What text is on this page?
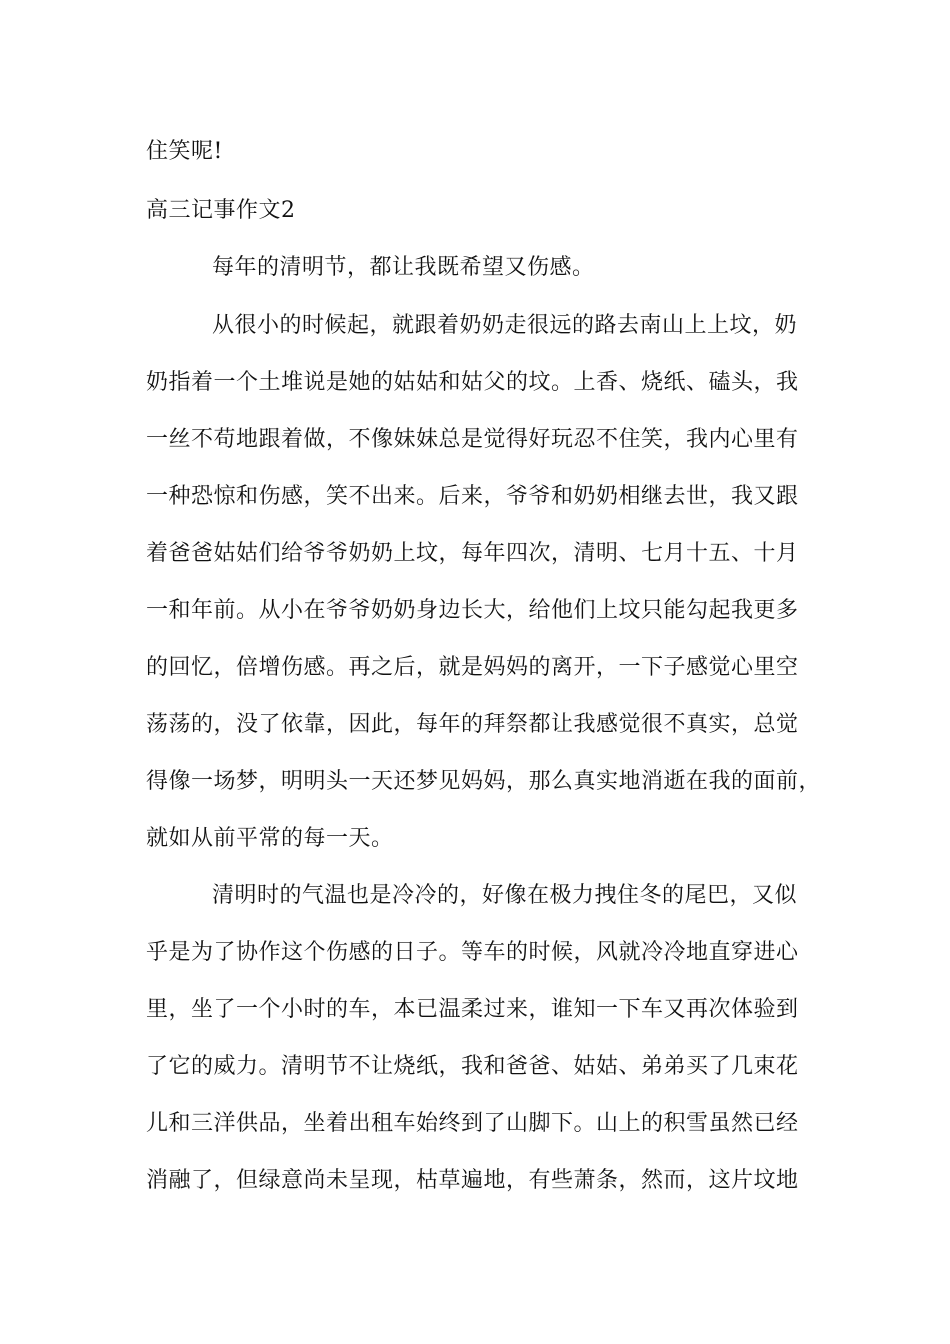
住笑呢!
高三记事作文2
每年的清明节，都让我既希望又伤感。
从很小的时候起，就跟着奶奶走很远的路去南山上上坟，奶
奶指着一个土堆说是她的姑姑和姑父的坟。上香、烧纸、磕头，我
一丝不苟地跟着做，不像妹妹总是觉得好玩忍不住笑，我内心里有
一种恐惊和伤感，笑不出来。后来，爷爷和奶奶相继去世，我又跟
着爸爸姑姑们给爷爷奶奶上坟，每年四次，清明、七月十五、十月
一和年前。从小在爷爷奶奶身边长大，给他们上坟只能勾起我更多
的回忆，倍增伤感。再之后，就是妈妈的离开，一下子感觉心里空
荡荡的，没了依靠，因此，每年的拜祭都让我感觉很不真实，总觉
得像一场梦，明明头一天还梦见妈妈，那么真实地消逝在我的面前，
就如从前平常的每一天。
清明时的气温也是冷冷的，好像在极力拽住冬的尾巴，又似
乎是为了协作这个伤感的日子。等车的时候，风就冷冷地直穿进心
里，坐了一个小时的车，本已温柔过来，谁知一下车又再次体验到
了它的威力。清明节不让烧纸，我和爸爸、姑姑、弟弟买了几束花
儿和三洋供品，坐着出租车始终到了山脚下。山上的积雪虽然已经
消融了，但绿意尚未呈现，枯草遍地，有些萧条，然而，这片坟地
